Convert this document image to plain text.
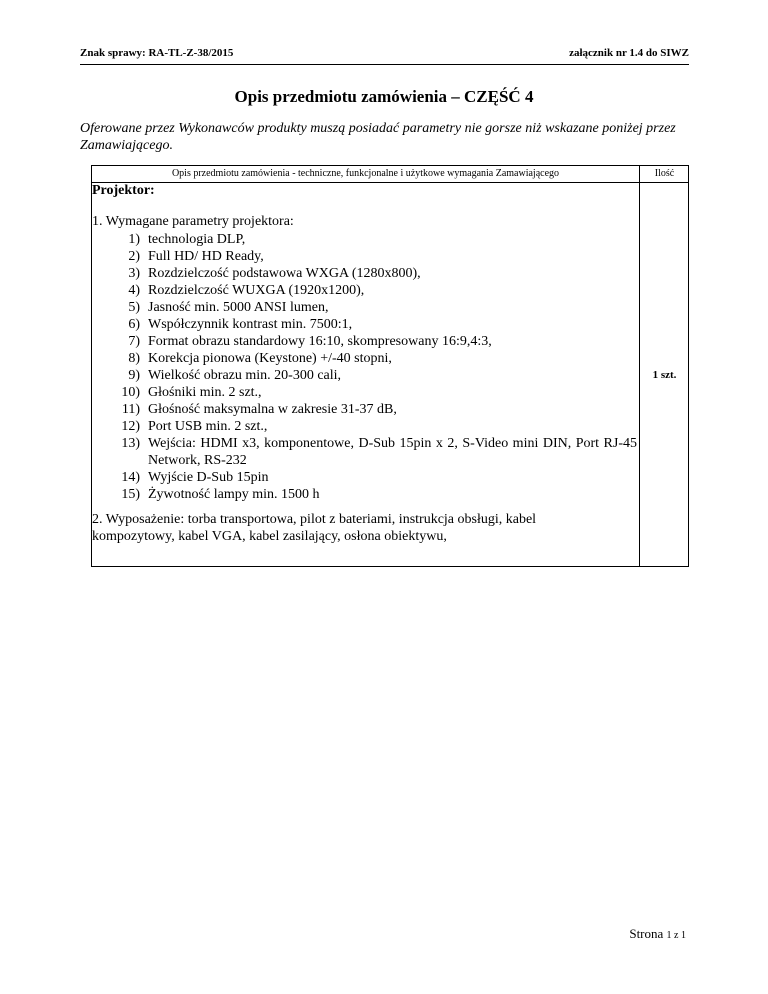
Znak sprawy: RA-TL-Z-38/2015	załącznik nr 1.4 do SIWZ
Opis przedmiotu zamówienia – CZĘŚĆ 4
Oferowane przez Wykonawców produkty muszą posiadać parametry nie gorsze niż wskazane poniżej przez Zamawiającego.
Opis przedmiotu zamówienia - techniczne, funkcjonalne i użytkowe wymagania Zamawiającego	Ilość
Projektor:
1. Wymagane parametry projektora:
1) technologia DLP,
2) Full HD/ HD Ready,
3) Rozdzielczość podstawowa WXGA (1280x800),
4) Rozdzielczość WUXGA (1920x1200),
5) Jasność min. 5000 ANSI lumen,
6) Współczynnik kontrast min. 7500:1,
7) Format obrazu standardowy 16:10, skompresowany 16:9,4:3,
8) Korekcja pionowa (Keystone) +/-40 stopni,
9) Wielkość obrazu min. 20-300 cali,
10) Głośniki min. 2 szt.,
11) Głośność maksymalna w zakresie 31-37 dB,
12) Port USB min. 2 szt.,
13) Wejścia: HDMI x3, komponentowe, D-Sub 15pin x 2, S-Video mini DIN, Port RJ-45 Network, RS-232
14) Wyjście D-Sub 15pin
15) Żywotność lampy min. 1500 h
2. Wyposażenie: torba transportowa, pilot z bateriami, instrukcja obsługi, kabel kompozytowy, kabel VGA, kabel zasilający, osłona obiektywu,
1 szt.
Strona 1 z 1
